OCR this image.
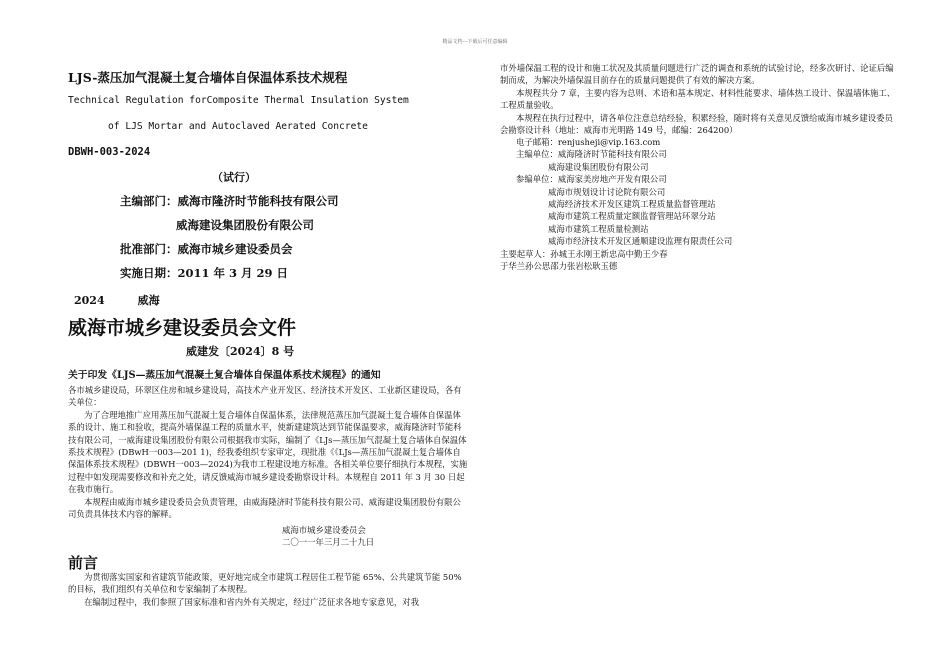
精品文档---下载后可任意编辑
LJS-蒸压加气混凝土复合墙体自保温体系技术规程
Technical Regulation forComposite Thermal Insulation System
of LJS Mortar and Autoclaved Aerated Concrete
DBWH-003-2024
（试行）
主编部门：威海市隆济时节能科技有限公司
威海建设集团股份有限公司
批准部门：威海市城乡建设委员会
实施日期：2011 年 3 月 29 日
2024　　　威海
威海市城乡建设委员会文件
威建发〔2024〕8 号
关于印发《LJS—蒸压加气混凝土复合墙体自保温体系技术规程》的通知

各市城乡建设局，环翠区住房和城乡建设局，高技术产业开发区、经济技术开发区、工业新区建设局，各有关单位：

为了合理地推广应用蒸压加气混凝土复合墙体自保温体系，法律规范蒸压加气混凝土复合墙体自保温体系的设计、施工和验收，提高外墙保温工程的质量水平，使新建建筑达到节能保温要求，威海隆济时节能科技有限公司，一威海建设集团股份有限公司根据我市实际，编制了《LJs—蒸压加气混凝土复合墙体自保温体系技术规程》(DBwH一003—201 1)，经我委组织专家审定，现批准《《LJs—蒸压加气混凝土复合墙体自保温体系技术规程》(DBWH一003—2024)为我市工程建设地方标准。各相关单位要仔细执行本规程，实施过程中如发现需要修改和补充之处，请反馈威海市城乡建设委勘察设计科。本规程自 2011 年 3 月 30 日起在我市施行。

本规程由威海市城乡建设委员会负责管理，由威海隆济时节能科技有限公司、威海建设集团股份有限公司负责具体技术内容的解释。

威海市城乡建设委员会
二〇一一年三月二十九日
前言

为贯彻落实国家和省建筑节能政策，更好地完成全市建筑工程居住工程节能 65%、公共建筑节能 50%的目标，我们组织有关单位和专家编制了本规程。

在编制过程中，我们参照了国家标准和省内外有关规定，经过广泛征求各地专家意见，对我

市外墙保温工程的设计和施工状况及其质量问题进行广泛的调查和系统的试验讨论，经多次研讨、论证后编制而成，为解决外墙保温目前存在的质量问题提供了有效的解决方案。

本规程共分 7 章，主要内容为总则、术语和基本规定、材料性能要求、墙体热工设计、保温墙体施工、工程质量验收。

本规程在执行过程中，请各单位注意总结经验，积累经验，随时将有关意见反馈给威海市城乡建设委员会勘察设计科（地址：威海市光明路 149 号，邮编：264200）

电子邮箱：renjusheji@vip.163.com
主编单位：威海隆济时节能科技有限公司
威海建设集团股份有限公司
参编单位：威海家美房地产开发有限公司
威海市规划设计讨论院有限公司
威海经济技术开发区建筑工程质量监督管理站
威海市建筑工程质量定额监督管理站环翠分站
威海市建筑工程质量检测站
威海市经济技术开发区通顺建设监理有限责任公司
主要起草人：孙城王永刚王新忠高中勤王少春
于华兰孙公思邵力张岩松耿玉德
